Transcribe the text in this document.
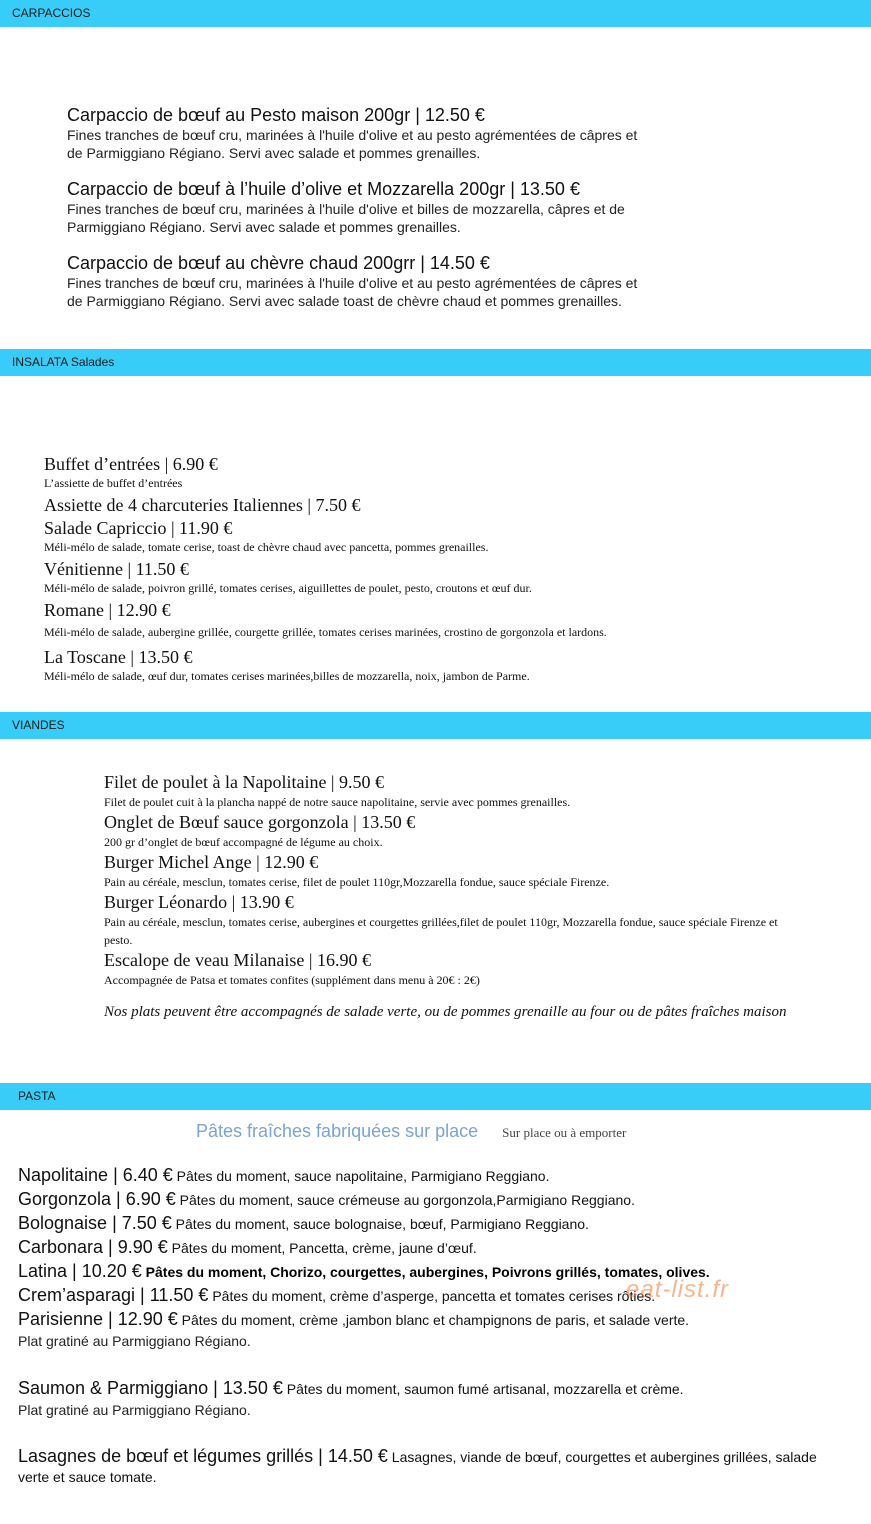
CARPACCIOS
Carpaccio de bœuf au Pesto maison 200gr | 12.50 €
Fines tranches de bœuf cru, marinées à l'huile d'olive et au pesto agrémentées de câpres et
de Parmiggiano Régiano. Servi avec salade et pommes grenailles.
Carpaccio de bœuf à l’huile d’olive et Mozzarella 200gr | 13.50 €
Fines tranches de bœuf cru, marinées à l'huile d'olive et billes de mozzarella, câpres et de
Parmiggiano Régiano. Servi avec salade et pommes grenailles.
Carpaccio de bœuf au chèvre chaud 200grr | 14.50 €
Fines tranches de bœuf cru, marinées à l'huile d'olive et au pesto agrémentées de câpres et
de Parmiggiano Régiano. Servi avec salade toast de chèvre chaud et pommes grenailles.
INSALATA Salades
Buffet d’entrées | 6.90 €
L’assiette de buffet d’entrées
Assiette de 4 charcuteries Italiennes | 7.50 €
Salade Capriccio | 11.90 €
Méli-mélo de salade, tomate cerise, toast de chèvre chaud avec pancetta, pommes grenailles.
Vénitienne | 11.50 €
Méli-mélo de salade, poivron grillé, tomates cerises, aiguillettes de poulet, pesto, croutons et œuf dur.
Romane | 12.90 €
Méli-mélo de salade, aubergine grillée, courgette grillée, tomates cerises marinées, crostino de gorgonzola et lardons.
La Toscane | 13.50 €
Méli-mélo de salade, œuf dur, tomates cerises marinées,billes de mozzarella, noix, jambon de Parme.
VIANDES
Filet de poulet à la Napolitaine | 9.50 €
Filet de poulet cuit à la plancha nappé de notre sauce napolitaine, servie avec pommes grenailles.
Onglet de Bœuf sauce gorgonzola | 13.50 €
200 gr d’onglet de bœuf accompagné de légume au choix.
Burger Michel Ange | 12.90 €
Pain au céréale, mesclun, tomates cerise, filet de poulet 110gr,Mozzarella fondue, sauce spéciale Firenze.
Burger Léonardo | 13.90 €
Pain au céréale, mesclun, tomates cerise, aubergines et courgettes grillées,filet de poulet 110gr, Mozzarella fondue, sauce spéciale Firenze et pesto.
Escalope de veau Milanaise | 16.90 €
Accompagnée de Patsa et tomates confites (supplément dans menu à 20€ : 2€)
Nos plats peuvent être accompagnés de salade verte, ou de pommes grenaille au four ou de pâtes fraîches maison
PASTA
Pâtes fraîches fabriquées sur place Sur place ou à emporter
Napolitaine | 6.40 € Pâtes du moment, sauce napolitaine, Parmigiano Reggiano.
Gorgonzola | 6.90 € Pâtes du moment, sauce crémeuse au gorgonzola,Parmigiano Reggiano.
Bolognaise | 7.50 € Pâtes du moment, sauce bolognaise, bœuf, Parmigiano Reggiano.
Carbonara | 9.90 € Pâtes du moment, Pancetta, crème, jaune d’œuf.
Latina | 10.20 € Pâtes du moment, Chorizo, courgettes, aubergines, Poivrons grillés, tomates, olives.
Crem’asparagi | 11.50 € Pâtes du moment, crème d’asperge, pancetta et tomates cerises rôties.
Parisienne | 12.90 € Pâtes du moment, crème ,jambon blanc et champignons de paris, et salade verte.
Plat gratiné au Parmiggiano Régiano.
Saumon & Parmiggiano | 13.50 € Pâtes du moment, saumon fumé artisanal, mozzarella et crème.
Plat gratiné au Parmiggiano Régiano.
Lasagnes de bœuf et légumes grillés | 14.50 € Lasagnes, viande de bœuf, courgettes et aubergines grillées, salade verte et sauce tomate.
eat-list.fr
